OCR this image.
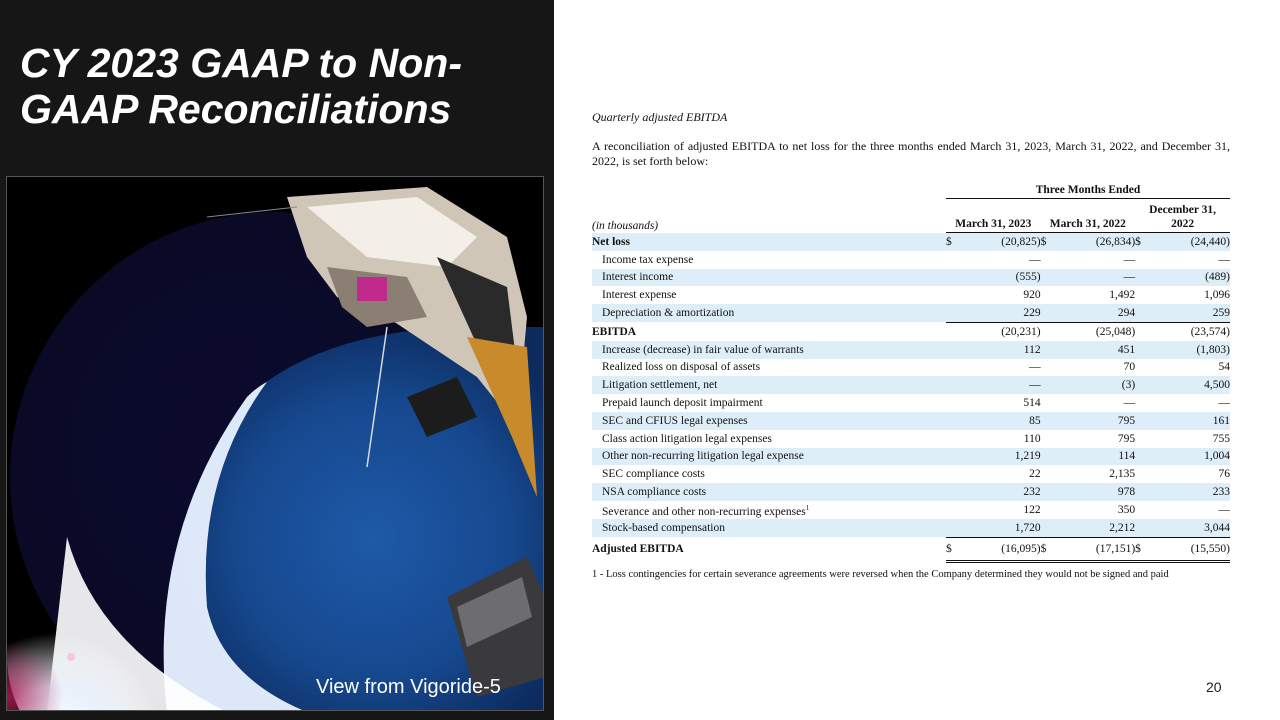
CY 2023 GAAP to Non-GAAP Reconciliations
View from Vigoride-5

Quarterly adjusted EBITDA

A reconciliation of adjusted EBITDA to net loss for the three months ended March 31, 2023, March 31, 2022, and December 31, 2022, is set forth below:

	Three Months Ended					
(in thousands)	March 31, 2023		March 31, 2022		December 31, 2022	
Net loss	$	(20,825)	$	(26,834)	$	(24,440)
Income tax expense		—		—		—
Interest income		(555)		—		(489)
Interest expense		920		1,492		1,096
Depreciation & amortization		229		294		259
EBITDA		(20,231)		(25,048)		(23,574)
Increase (decrease) in fair value of warrants		112		451		(1,803)
Realized loss on disposal of assets		—		70		54
Litigation settlement, net		—		(3)		4,500
Prepaid launch deposit impairment		514		—		—
SEC and CFIUS legal expenses		85		795		161
Class action litigation legal expenses		110		795		755
Other non-recurring litigation legal expense		1,219		114		1,004
SEC compliance costs		22		2,135		76
NSA compliance costs		232		978		233
Severance and other non-recurring expenses$^1$		122		350		—
Stock-based compensation		1,720		2,212		3,044
Adjusted EBITDA	$	(16,095)	$	(17,151)	$	(15,550)
1 - Loss contingencies for certain severance agreements were reversed when the Company determined they would not be signed and paid
20
